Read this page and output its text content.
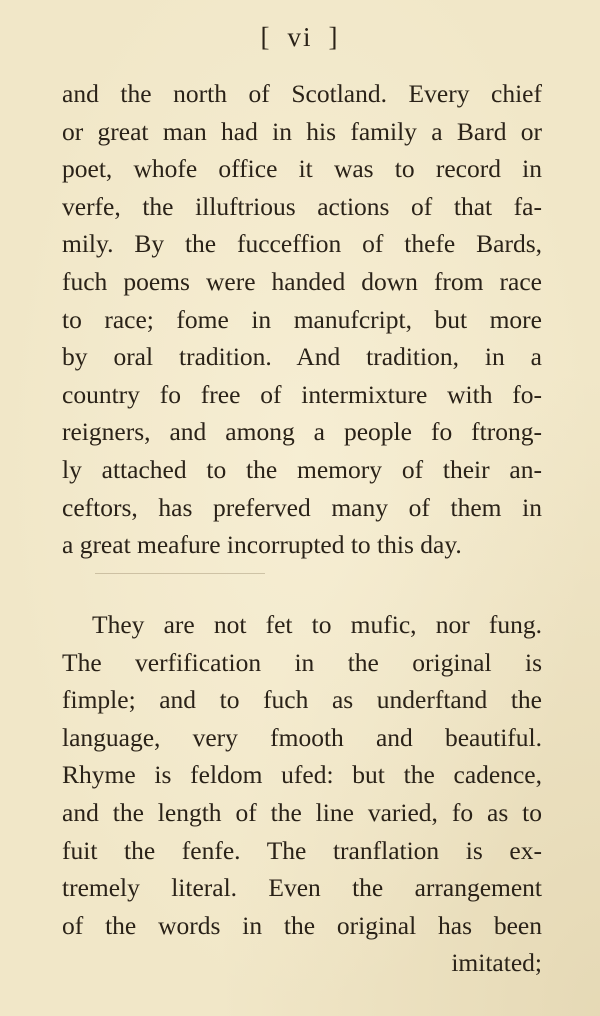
[ vi ]
and the north of Scotland. Every chief
or great man had in his family a Bard or
poet, whofe office it was to record in
verfe, the illuftrious actions of that fa-
mily. By the fucceffion of thefe Bards,
fuch poems were handed down from race
to race; fome in manufcript, but more
by oral tradition. And tradition, in a
country fo free of intermixture with fo-
reigners, and among a people fo ftrong-
ly attached to the memory of their an-
ceftors, has preferved many of them in
a great meafure incorrupted to this day.
They are not fet to mufic, nor fung.
The verfification in the original is
fimple; and to fuch as underftand the
language, very fmooth and beautiful.
Rhyme is feldom ufed: but the cadence,
and the length of the line varied, fo as to
fuit the fenfe. The tranflation is ex-
tremely literal. Even the arrangement
of the words in the original has been
imitated;
